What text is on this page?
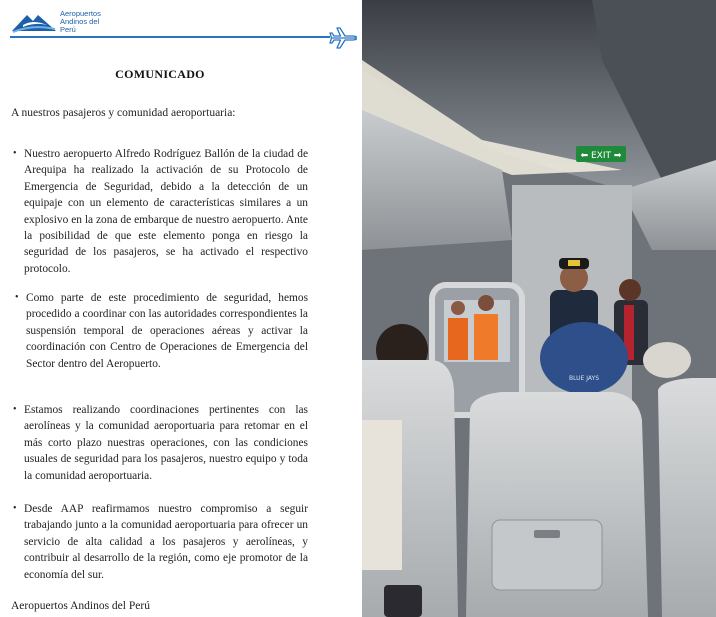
Aeropuertos
Andinos del
Perú
COMUNICADO
A nuestros pasajeros y comunidad aeroportuaria:
• Nuestro aeropuerto Alfredo Rodríguez Ballón de la ciudad de Arequipa ha realizado la activación de su Protocolo de Emergencia de Seguridad, debido a la detección de un equipaje con un elemento de características similares a un explosivo en la zona de embarque de nuestro aeropuerto. Ante la posibilidad de que este elemento ponga en riesgo la seguridad de los pasajeros, se ha activado el respectivo protocolo.
• Como parte de este procedimiento de seguridad, hemos procedido a coordinar con las autoridades correspondientes la suspensión temporal de operaciones aéreas y activar la coordinación con Centro de Operaciones de Emergencia del Sector dentro del Aeropuerto.
• Estamos realizando coordinaciones pertinentes con las aerolíneas y la comunidad aeroportuaria para retomar en el más corto plazo nuestras operaciones, con las condiciones usuales de seguridad para los pasajeros, nuestro equipo y toda la comunidad aeroportuaria.
• Desde AAP reafirmamos nuestro compromiso a seguir trabajando junto a la comunidad aeroportuaria para ofrecer un servicio de alta calidad a los pasajeros y aerolíneas, y contribuir al desarrollo de la región, como eje promotor de la economía del sur.
Aeropuertos Andinos del Perú
⬅ EXIT ➡
BLUE JAYS
